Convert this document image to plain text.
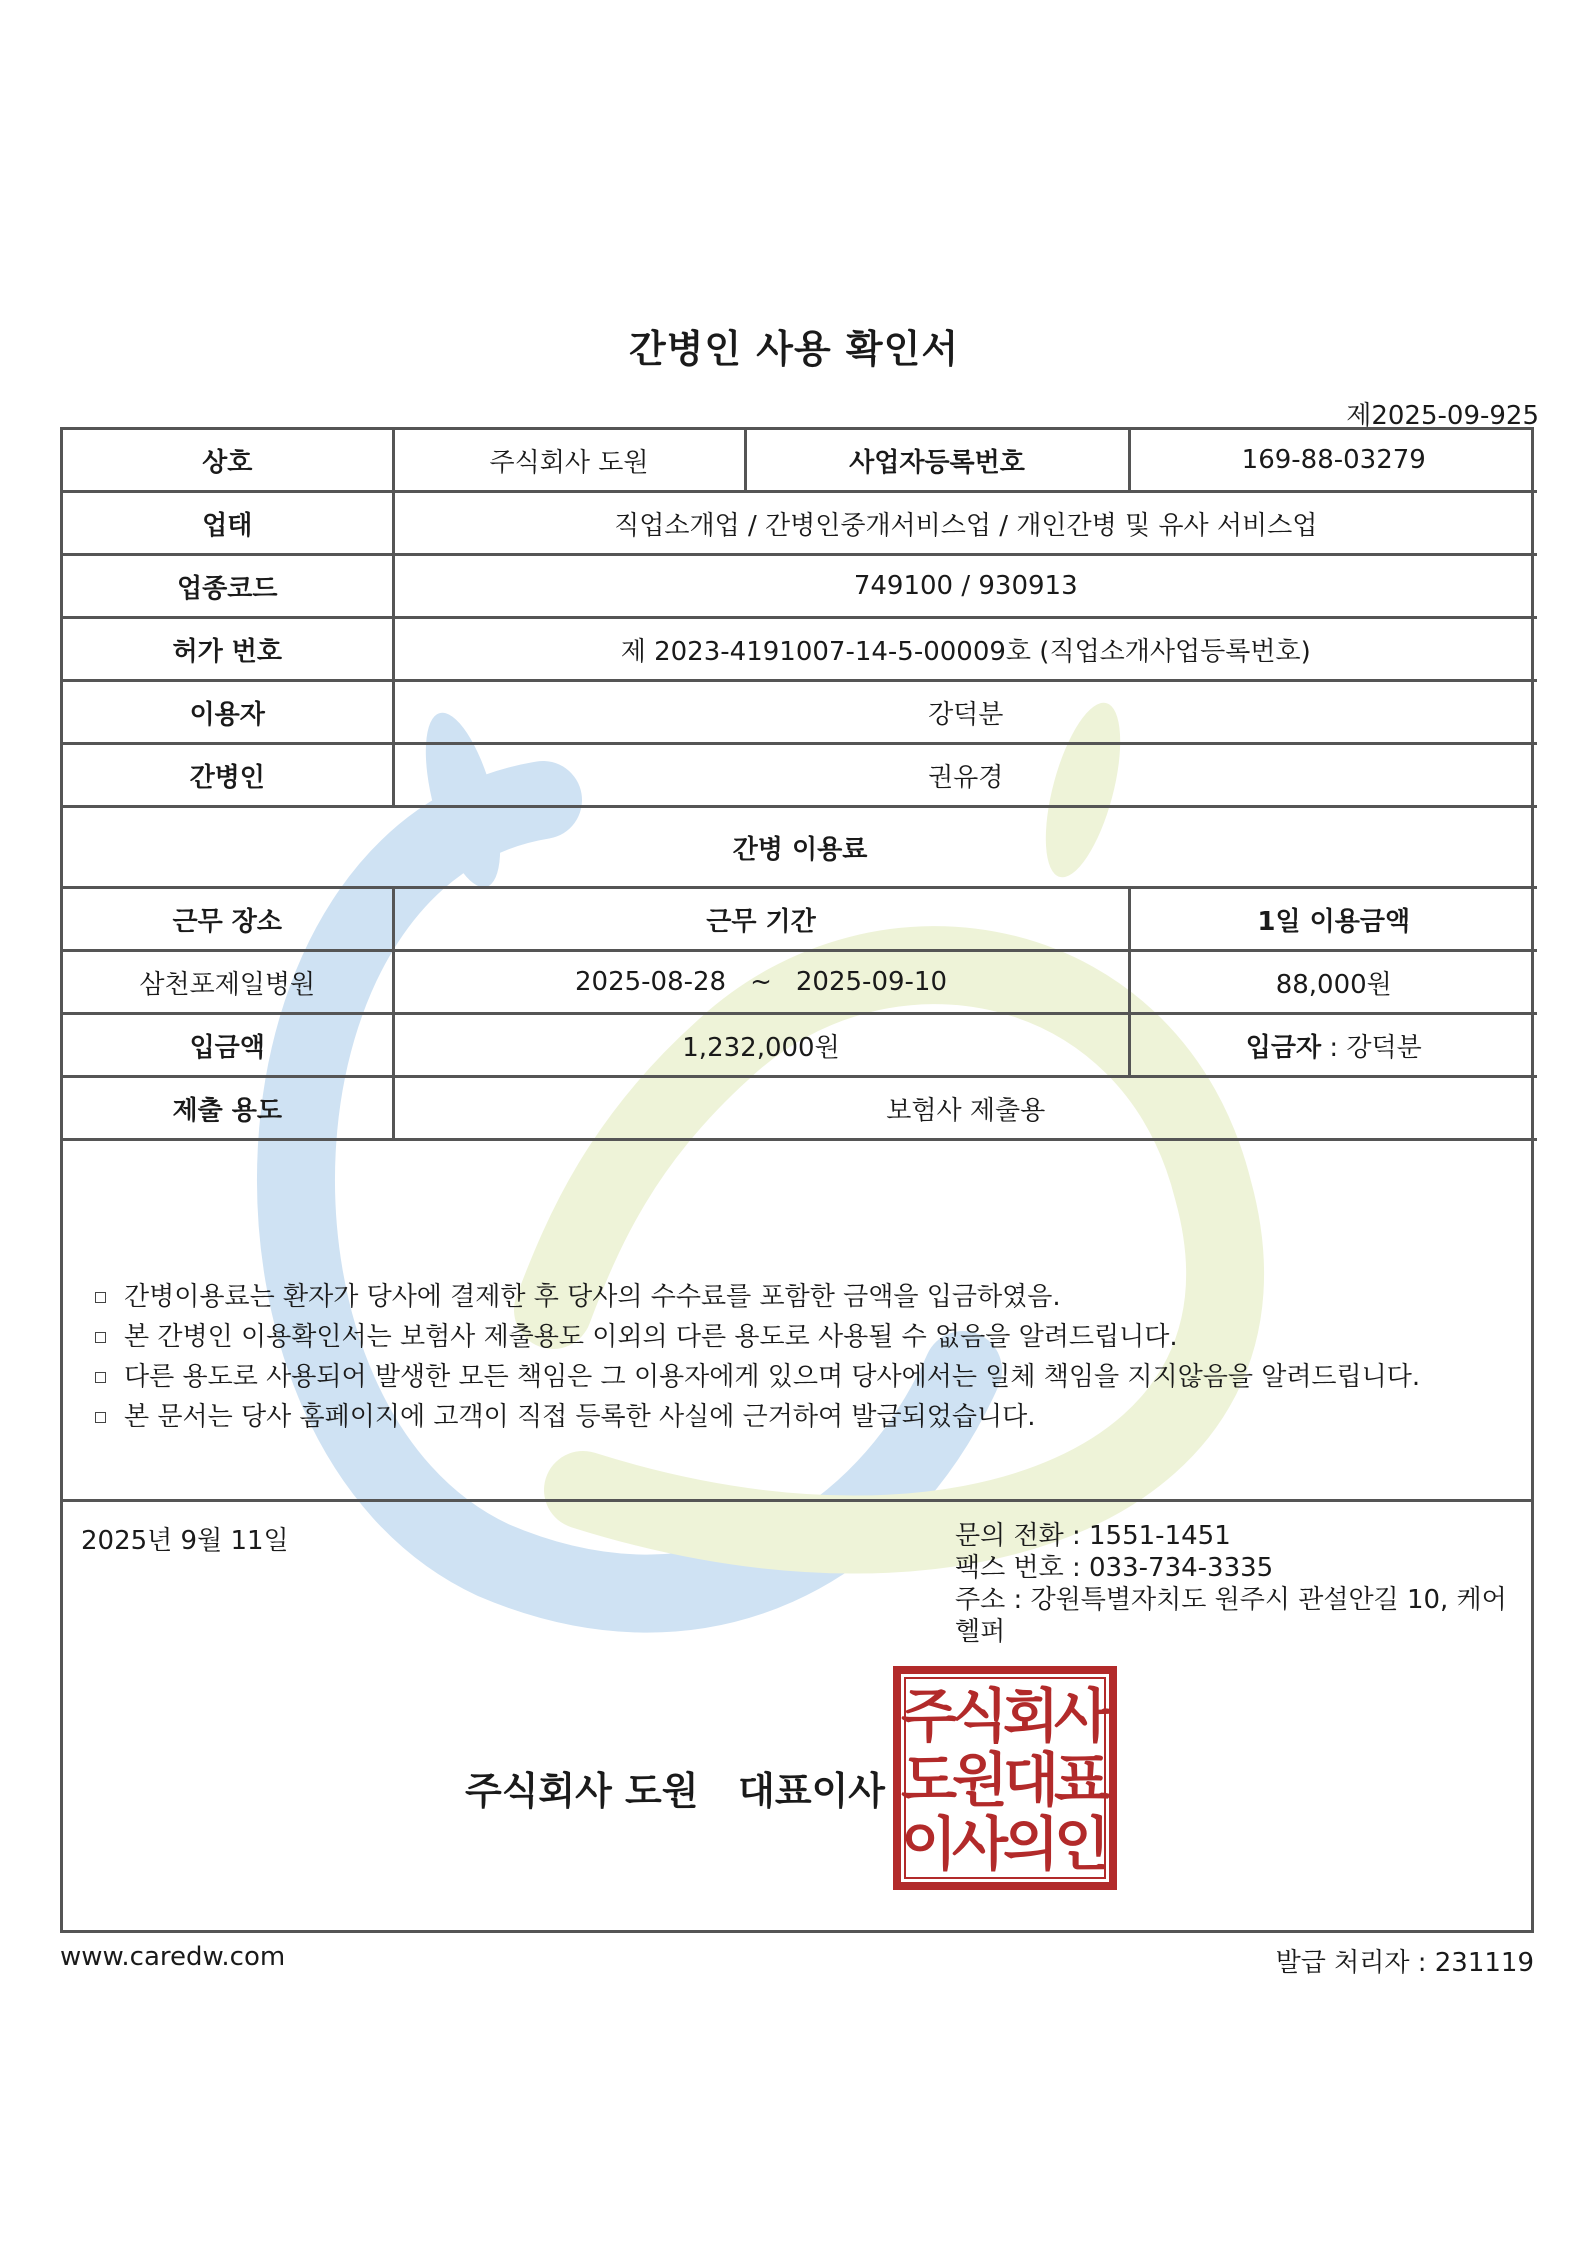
간병인 사용 확인서
제2025-09-925
상호	주식회사 도원	사업자등록번호	169-88-03279
업태	직업소개업 / 간병인중개서비스업 / 개인간병 및 유사 서비스업		
업종코드	749100 / 930913		
허가 번호	제 2023-4191007-14-5-00009호 (직업소개사업등록번호)		
이용자	강덕분		
간병인	권유경		
간병 이용료			
근무 장소	근무 기간		1일 이용금액
삼천포제일병원	2025-08-28 ~ 2025-09-10		88,000원
입금액	1,232,000원		입금자 : 강덕분
제출 용도	보험사 제출용		
간병이용료는 환자가 당사에 결제한 후 당사의 수수료를 포함한 금액을 입금하였음.
본 간병인 이용확인서는 보험사 제출용도 이외의 다른 용도로 사용될 수 없음을 알려드립니다.
다른 용도로 사용되어 발생한 모든 책임은 그 이용자에게 있으며 당사에서는 일체 책임을 지지않음을 알려드립니다.
본 문서는 당사 홈페이지에 고객이 직접 등록한 사실에 근거하여 발급되었습니다.
2025년 9월 11일	문의 전화 : 1551-1451
팩스 번호 : 033-734-3335
주소 : 강원특별자치도 원주시 관설안길 10, 케어헬퍼
주식회사 도원   대표이사
주
식
회
사
도
원
대
표
이
사
의
인
www.caredw.com	발급 처리자 : 231119
